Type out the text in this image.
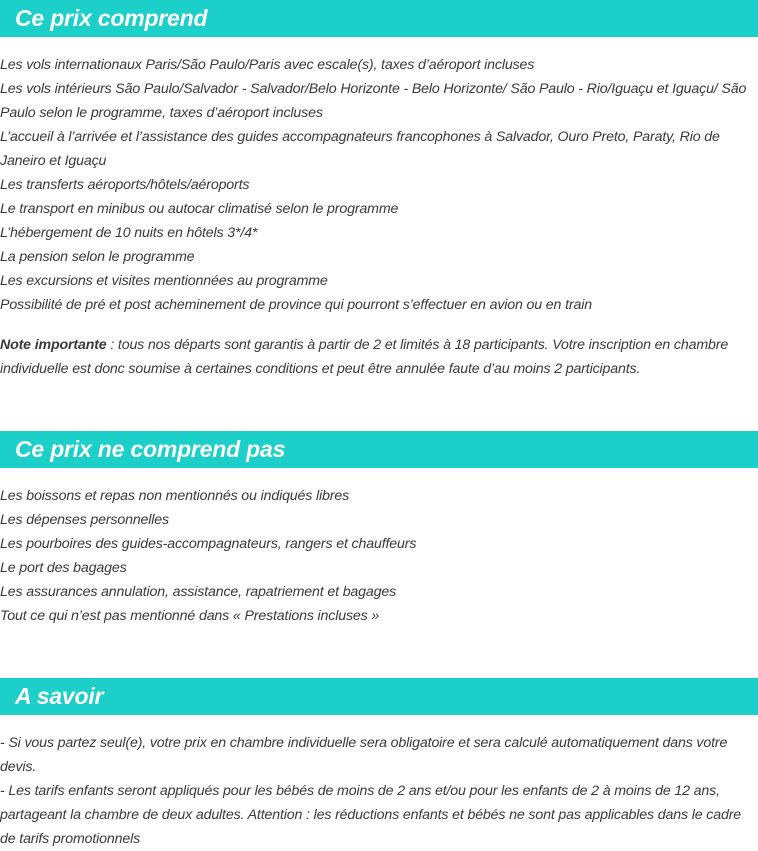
Ce prix comprend
Les vols internationaux Paris/São Paulo/Paris avec escale(s), taxes d’aéroport incluses
Les vols intérieurs São Paulo/Salvador - Salvador/Belo Horizonte - Belo Horizonte/ São Paulo - Rio/Iguaçu et Iguaçu/ São Paulo selon le programme, taxes d’aéroport incluses
L’accueil à l’arrivée et l’assistance des guides accompagnateurs francophones à Salvador, Ouro Preto, Paraty, Rio de Janeiro et Iguaçu
Les transferts aéroports/hôtels/aéroports
Le transport en minibus ou autocar climatisé selon le programme
L’hébergement de 10 nuits en hôtels 3*/4*
La pension selon le programme
Les excursions et visites mentionnées au programme
Possibilité de pré et post acheminement de province qui pourront s’effectuer en avion ou en train

Note importante : tous nos départs sont garantis à partir de 2 et limités à 18 participants. Votre inscription en chambre individuelle est donc soumise à certaines conditions et peut être annulée faute d’au moins 2 participants.

Ce prix ne comprend pas
Les boissons et repas non mentionnés ou indiqués libres
Les dépenses personnelles
Les pourboires des guides-accompagnateurs, rangers et chauffeurs
Le port des bagages
Les assurances annulation, assistance, rapatriement et bagages
Tout ce qui n’est pas mentionné dans « Prestations incluses »
A savoir
- Si vous partez seul(e), votre prix en chambre individuelle sera obligatoire et sera calculé automatiquement dans votre devis.
- Les tarifs enfants seront appliqués pour les bébés de moins de 2 ans et/ou pour les enfants de 2 à moins de 12 ans, partageant la chambre de deux adultes. Attention : les réductions enfants et bébés ne sont pas applicables dans le cadre de tarifs promotionnels
